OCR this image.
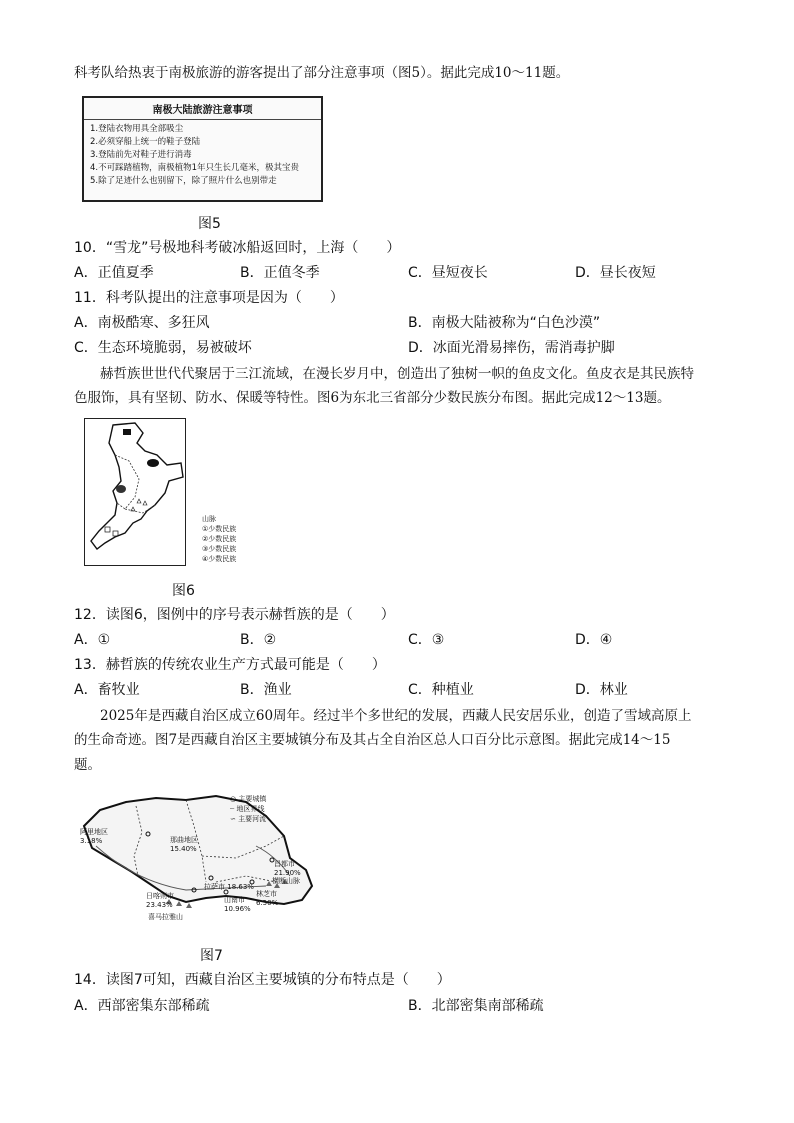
科考队给热衷于南极旅游的游客提出了部分注意事项（图5）。据此完成10～11题。
南极大陆旅游注意事项
1.登陆衣物用具全部吸尘
2.必须穿船上统一的鞋子登陆
3.登陆前先对鞋子进行消毒
4.不可踩踏植物，南极植物1年只生长几毫米，极其宝贵
5.除了足迹什么也别留下，除了照片什么也别带走
图5
10．“雪龙”号极地科考破冰船返回时，上海（　　）
A．正值夏季	B．正值冬季	C．昼短夜长	D．昼长夜短
11．科考队提出的注意事项是因为（　　）
A．南极酷寒、多狂风	B．南极大陆被称为“白色沙漠”
C．生态环境脆弱，易被破坏	D．冰面光滑易摔伤，需消毒护脚
赫哲族世世代代聚居于三江流域，在漫长岁月中，创造出了独树一帜的鱼皮文化。鱼皮衣是其民族特
色服饰，具有坚韧、防水、保暖等特性。图6为东北三省部分少数民族分布图。据此完成12～13题。
山脉
①少数民族
②少数民族
③少数民族
④少数民族
图6
12．读图6，图例中的序号表示赫哲族的是（　　）
A．①	B．②	C．③	D．④
13．赫哲族的传统农业生产方式最可能是（　　）
A．畜牧业	B．渔业	C．种植业	D．林业
2025年是西藏自治区成立60周年。经过半个多世纪的发展，西藏人民安居乐业，创造了雪域高原上
的生命奇迹。图7是西藏自治区主要城镇分布及其占全自治区总人口百分比示意图。据此完成14～15
题。
阿里地区
3.18%	那曲地区
15.40%
昌都市
21.90%
拉萨市 18.63%
日喀则市
23.43%
山南市
10.96%
林芝市
6.50%
横断山脉
喜马拉雅山
○ 主要城镇
┈ 地区界线
∽ 主要河流
图7
14．读图7可知，西藏自治区主要城镇的分布特点是（　　）
A．西部密集东部稀疏	B．北部密集南部稀疏
